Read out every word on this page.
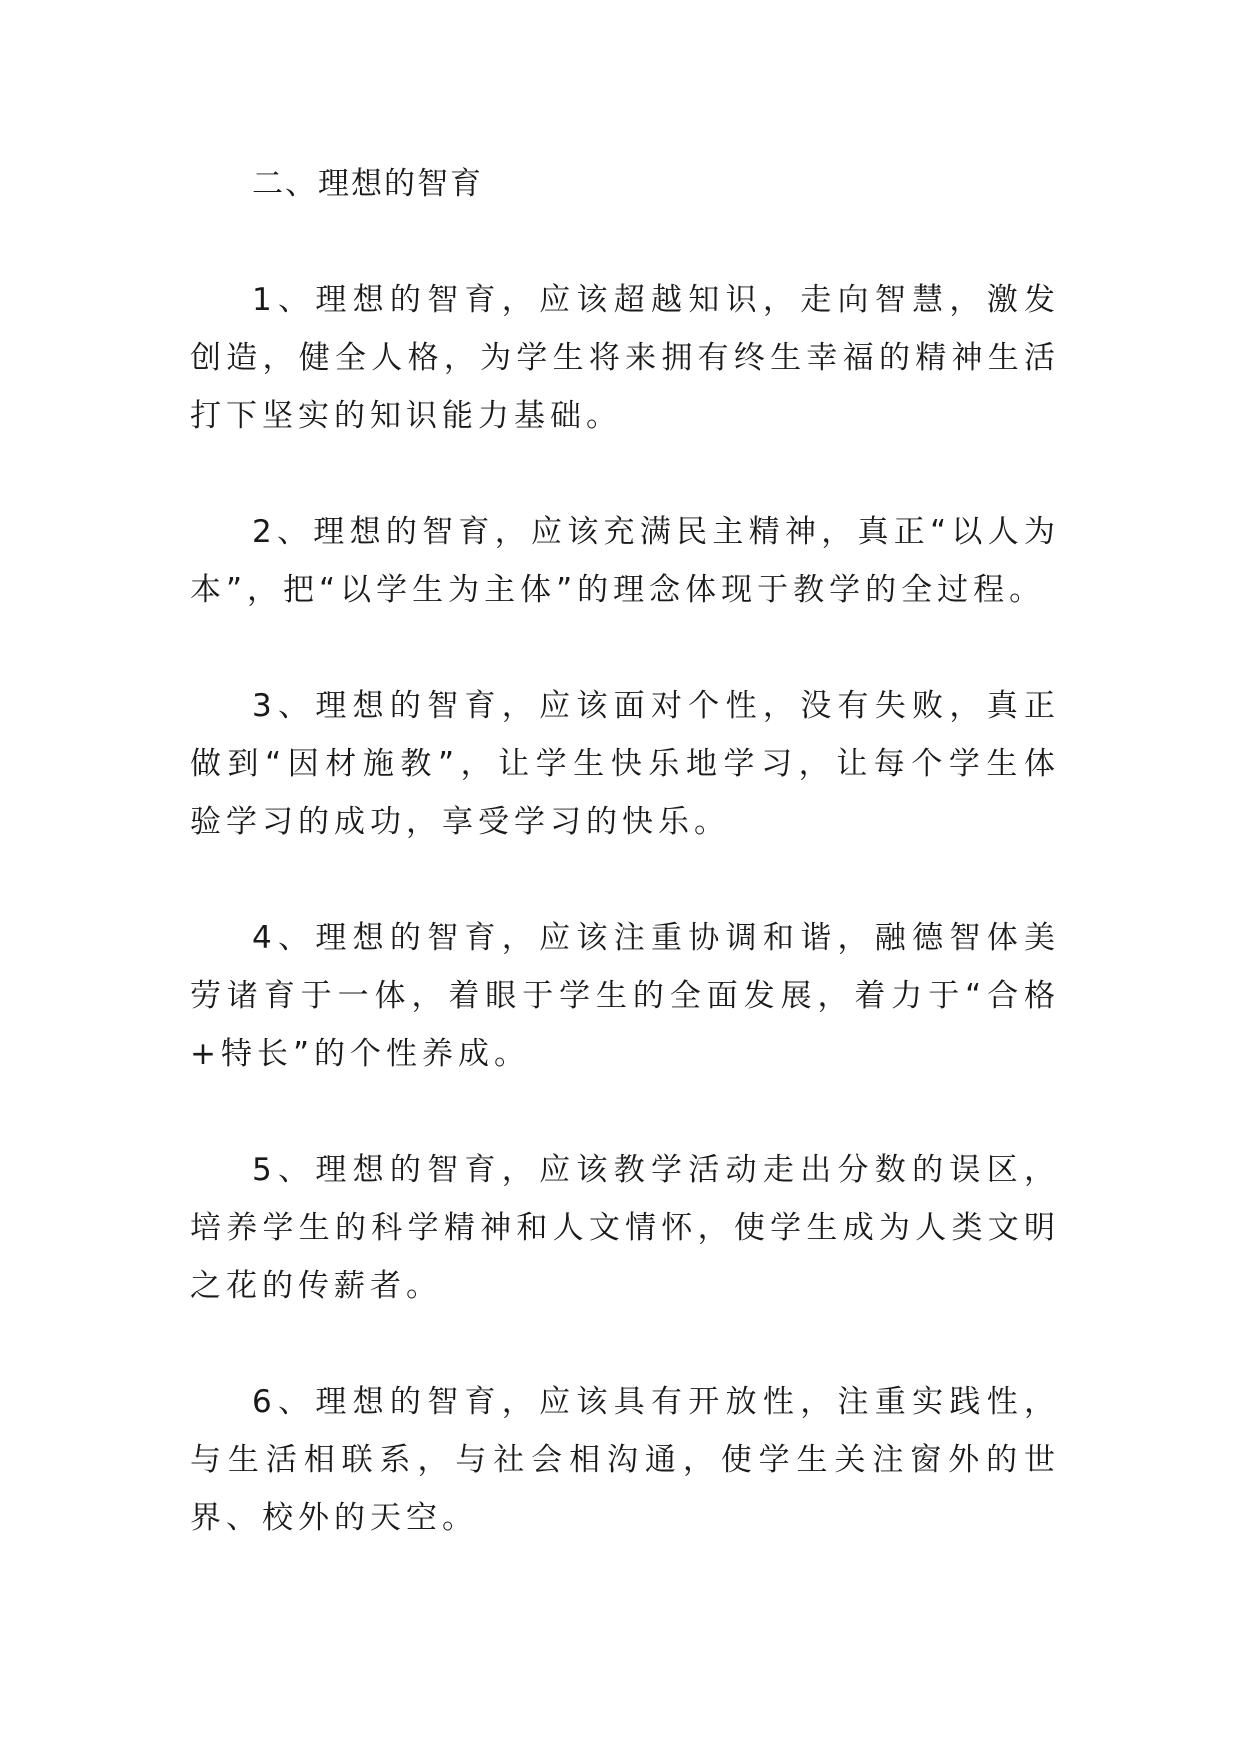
二、理想的智育

1、理想的智育，应该超越知识，走向智慧，激发创造，健全人格，为学生将来拥有终生幸福的精神生活打下坚实的知识能力基础。

2、理想的智育，应该充满民主精神，真正“以人为本”，把“以学生为主体”的理念体现于教学的全过程。

3、理想的智育，应该面对个性，没有失败，真正做到“因材施教”，让学生快乐地学习，让每个学生体验学习的成功，享受学习的快乐。

4、理想的智育，应该注重协调和谐，融德智体美劳诸育于一体，着眼于学生的全面发展，着力于“合格+特长”的个性养成。

5、理想的智育，应该教学活动走出分数的误区，培养学生的科学精神和人文情怀，使学生成为人类文明之花的传薪者。

6、理想的智育，应该具有开放性，注重实践性，与生活相联系，与社会相沟通，使学生关注窗外的世界、校外的天空。
